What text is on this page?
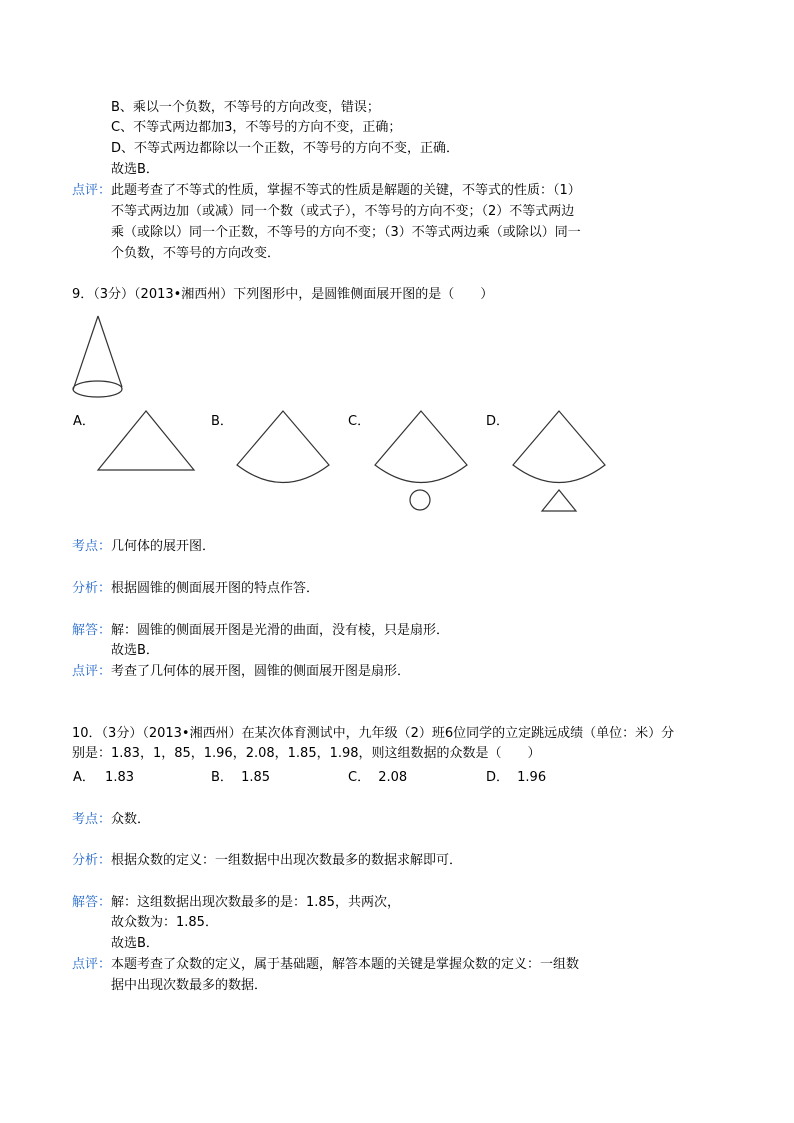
B、乘以一个负数，不等号的方向改变，错误；
C、不等式两边都加3，不等号的方向不变，正确；
D、不等式两边都除以一个正数，不等号的方向不变，正确．
故选B．
点评： 此题考查了不等式的性质，掌握不等式的性质是解题的关键，不等式的性质：（1）
不等式两边加（或减）同一个数（或式子），不等号的方向不变；（2）不等式两边
乘（或除以）同一个正数，不等号的方向不变；（3）不等式两边乘（或除以）同一
个负数，不等号的方向改变．
9．（3分）（2013•湘西州）下列图形中，是圆锥侧面展开图的是（　　）
A．	B．	C．	D．
考点： 几何体的展开图．
分析： 根据圆锥的侧面展开图的特点作答．
解答： 解：圆锥的侧面展开图是光滑的曲面，没有棱，只是扇形．
故选B．
点评： 考查了几何体的展开图，圆锥的侧面展开图是扇形．
10．（3分）（2013•湘西州）在某次体育测试中，九年级（2）班6位同学的立定跳远成绩（单位：米）分
别是：1.83，1，85，1.96，2.08，1.85，1.98，则这组数据的众数是（　　）
A． 1.83	B． 1.85	C． 2.08	D． 1.96
考点： 众数．
分析： 根据众数的定义：一组数据中出现次数最多的数据求解即可．
解答： 解：这组数据出现次数最多的是：1.85，共两次，
故众数为：1.85．
故选B．
点评： 本题考查了众数的定义，属于基础题，解答本题的关键是掌握众数的定义：一组数
据中出现次数最多的数据．
